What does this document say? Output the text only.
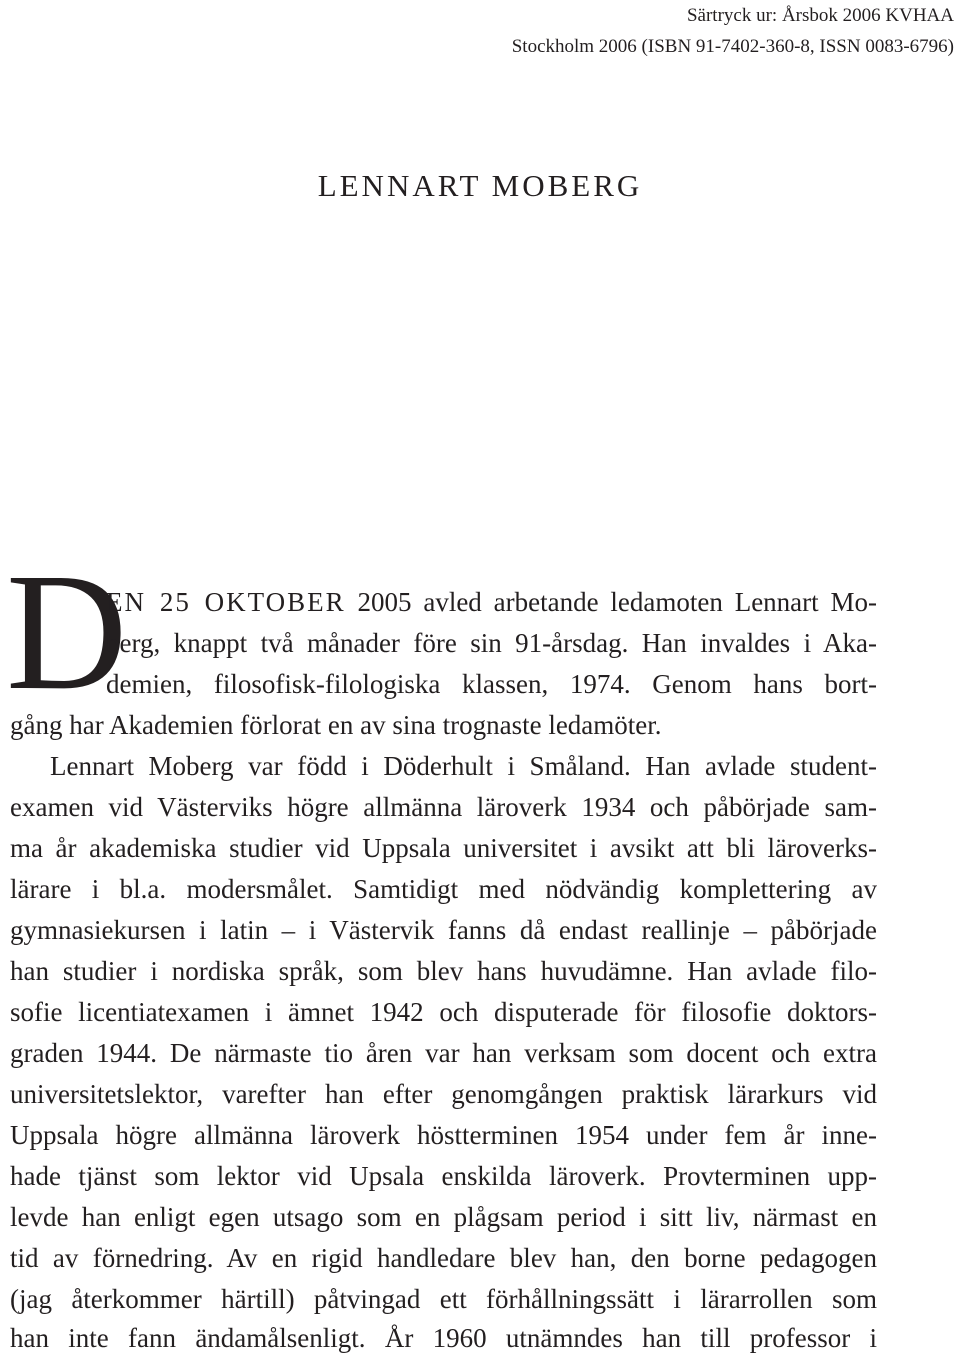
Särtryck ur: Årsbok 2006 KVHAA
Stockholm 2006 (ISBN 91-7402-360-8, ISSN 0083-6796)
LENNART MOBERG
D
EN 25 OKTOBER 2005 avled arbetande ledamoten Lennart Mo-
berg, knappt två månader före sin 91-årsdag. Han invaldes i Aka-
demien, filosofisk-filologiska klassen, 1974. Genom hans bort-
gång har Akademien förlorat en av sina trognaste ledamöter.
Lennart Moberg var född i Döderhult i Småland. Han avlade student-
examen vid Västerviks högre allmänna läroverk 1934 och påbörjade sam-
ma år akademiska studier vid Uppsala universitet i avsikt att bli läroverks-
lärare i bl.a. modersmålet. Samtidigt med nödvändig komplettering av
gymnasiekursen i latin – i Västervik fanns då endast reallinje – påbörjade
han studier i nordiska språk, som blev hans huvudämne. Han avlade filo-
sofie licentiatexamen i ämnet 1942 och disputerade för filosofie doktors-
graden 1944. De närmaste tio åren var han verksam som docent och extra
universitetslektor, varefter han efter genomgången praktisk lärarkurs vid
Uppsala högre allmänna läroverk höstterminen 1954 under fem år inne-
hade tjänst som lektor vid Upsala enskilda läroverk. Provterminen upp-
levde han enligt egen utsago som en plågsam period i sitt liv, närmast en
tid av förnedring. Av en rigid handledare blev han, den borne pedagogen
(jag återkommer härtill) påtvingad ett förhållningssätt i lärarrollen som
han inte fann ändamålsenligt. År 1960 utnämndes han till professor i
